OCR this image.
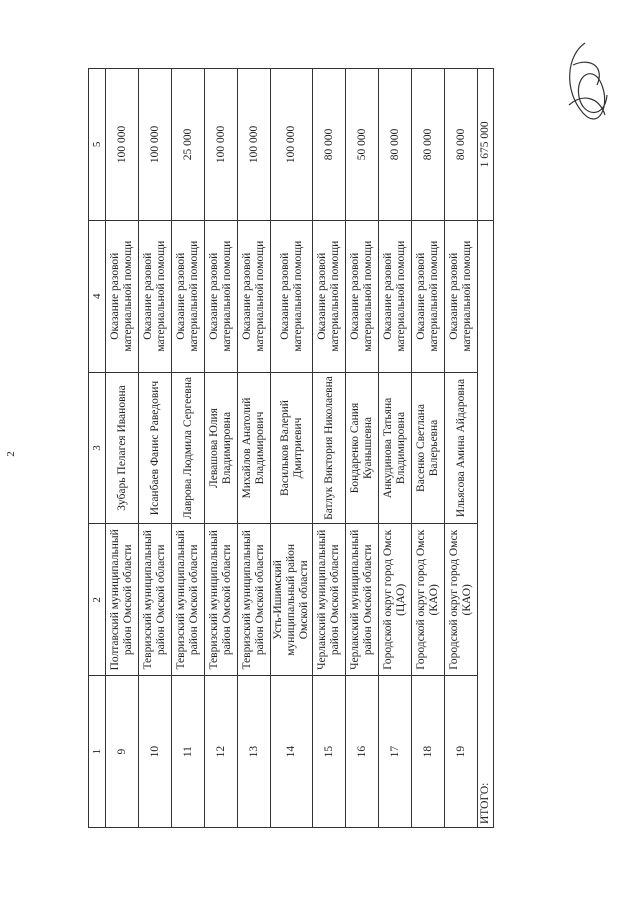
2
1	2	3	4	5
9	Полтавский муниципальный район Омской области	Зубарь Пелагея Ивановна	Оказание разовой материальной помощи	100 000
10	Тевризский муниципальный район Омской области	Исанбаев Фанис Раведович	Оказание разовой материальной помощи	100 000
11	Тевризский муниципальный район Омской области	Лаврова Людмила Сергеевна	Оказание разовой материальной помощи	25 000
12	Тевризский муниципальный район Омской области	Левашова Юлия Владимировна	Оказание разовой материальной помощи	100 000
13	Тевризский муниципальный район Омской области	Михайлов Анатолий Владимирович	Оказание разовой материальной помощи	100 000
14	Усть-Ишимский муниципальный район Омской области	Васильков Валерий Дмитриевич	Оказание разовой материальной помощи	100 000
15	Черлакский муниципальный район Омской области	Батлук Виктория Николаевна	Оказание разовой материальной помощи	80 000
16	Черлакский муниципальный район Омской области	Бондаренко Сания Куанышевна	Оказание разовой материальной помощи	50 000
17	Городской округ город Омск (ЦАО)	Анкудинова Татьяна Владимировна	Оказание разовой материальной помощи	80 000
18	Городской округ город Омск (КАО)	Васенко Светлана Валерьевна	Оказание разовой материальной помощи	80 000
19	Городской округ город Омск (КАО)	Ильясова Амина Айдаровна	Оказание разовой материальной помощи	80 000
ИТОГО:				1 675 000
